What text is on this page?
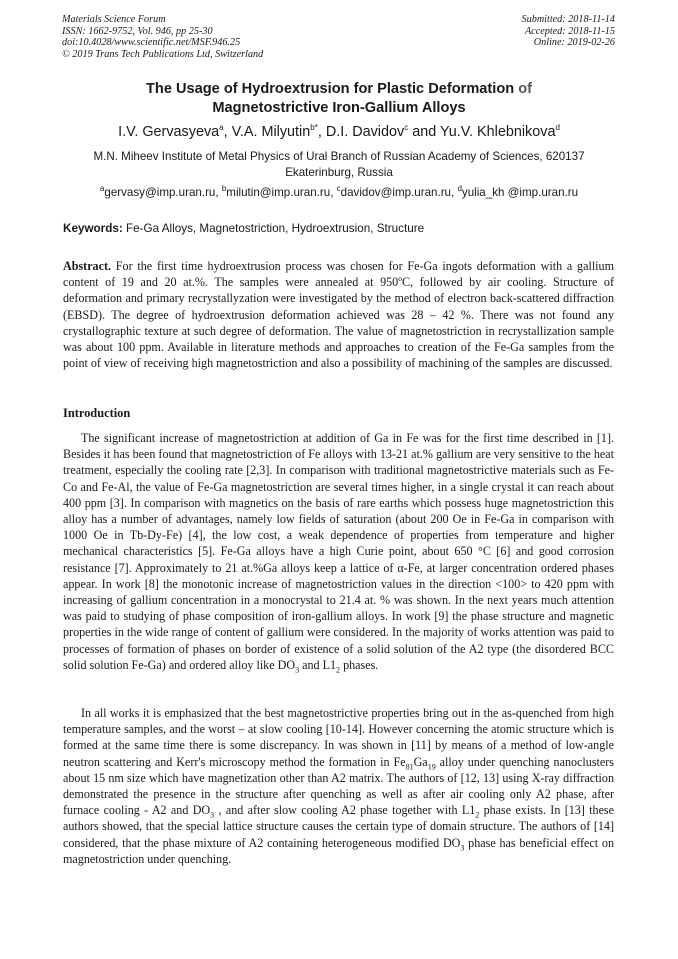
Materials Science Forum
ISSN: 1662-9752, Vol. 946, pp 25-30
doi:10.4028/www.scientific.net/MSF.946.25
© 2019 Trans Tech Publications Ltd, Switzerland
Submitted: 2018-11-14
Accepted: 2018-11-15
Online: 2019-02-26
The Usage of Hydroextrusion for Plastic Deformation of
Magnetostrictive Iron-Gallium Alloys
I.V. Gervasyeva$^a$, V.A. Milyutin$^{b*}$, D.I. Davidov$^c$ and Yu.V. Khlebnikova$^d$
M.N. Miheev Institute of Metal Physics of Ural Branch of Russian Academy of Sciences, 620137 Ekaterinburg, Russia
$^a$gervasy@imp.uran.ru, $^b$milutin@imp.uran.ru, $^c$davidov@imp.uran.ru, $^d$yulia_kh @imp.uran.ru
Keywords: Fe-Ga Alloys, Magnetostriction, Hydroextrusion, Structure

Abstract. For the first time hydroextrusion process was chosen for Fe-Ga ingots deformation with a gallium content of 19 and 20 at.%. The samples were annealed at 950ºC, followed by air cooling. Structure of deformation and primary recrystallyzation were investigated by the method of electron back-scattered diffraction (EBSD). The degree of hydroextrusion deformation achieved was 28 – 42 %. There was not found any crystallographic texture at such degree of deformation. The value of magnetostriction in recrystallization sample was about 100 ppm. Available in literature methods and approaches to creation of the Fe-Ga samples from the point of view of receiving high magnetostriction and also a possibility of machining of the samples are discussed.

Introduction

The significant increase of magnetostriction at addition of Ga in Fe was for the first time described in [1]. Besides it has been found that magnetostriction of Fe alloys with 13-21 at.% gallium are very sensitive to the heat treatment, especially the cooling rate [2,3]. In comparison with traditional magnetostrictive materials such as Fe-Co and Fe-Al, the value of Fe-Ga magnetostriction are several times higher, in a single crystal it can reach about 400 ppm [3]. In comparison with magnetics on the basis of rare earths which possess huge magnetostriction this alloy has a number of advantages, namely low fields of saturation (about 200 Oe in Fe-Ga in comparison with 1000 Oe in Tb-Dy-Fe) [4], the low cost, a weak dependence of properties from temperature and higher mechanical characteristics [5]. Fe-Ga alloys have a high Curie point, about 650 °C [6] and good corrosion resistance [7]. Approximately to 21 at.%Ga alloys keep a lattice of α-Fe, at larger concentration ordered phases appear. In work [8] the monotonic increase of magnetostriction values in the direction <100> to 420 ppm with increasing of gallium concentration in a monocrystal to 21.4 at. % was shown. In the next years much attention was paid to studying of phase composition of iron-gallium alloys. In work [9] the phase structure and magnetic properties in the wide range of content of gallium were considered. In the majority of works attention was paid to processes of formation of phases on border of existence of a solid solution of the A2 type (the disordered BCC solid solution Fe-Ga) and ordered alloy like $DO_3$ and $L1_2$ phases.

In all works it is emphasized that the best magnetostrictive properties bring out in the as-quenched from high temperature samples, and the worst – at slow cooling [10-14]. However concerning the atomic structure which is formed at the same time there is some discrepancy. In was shown in [11] by means of a method of low-angle neutron scattering and Kerr's microscopy method the formation in $Fe_{81}Ga_{19}$ alloy under quenching nanoclusters about 15 nm size which have magnetization other than A2 matrix. The authors of [12, 13] using X-ray diffraction demonstrated the presence in the structure after quenching as well as after air cooling only A2 phase, after furnace cooling - A2 and $DO_3$ , and after slow cooling A2 phase together with $L1_2$ phase exists. In [13] these authors showed, that the special lattice structure causes the certain type of domain structure. The authors of [14] considered, that the phase mixture of A2 containing heterogeneous modified $DO_3$ phase has beneficial effect on magnetostriction under quenching.
